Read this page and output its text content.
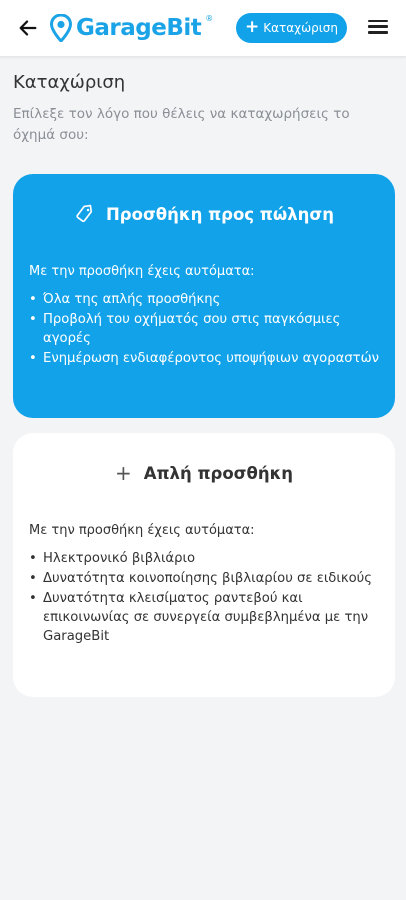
GarageBit ® + Καταχώριση
Καταχώριση
Επίλεξε τον λόγο που θέλεις να καταχωρήσεις το όχημά σου:
Προσθήκη προς πώληση
Με την προσθήκη έχεις αυτόματα:
• Όλα της απλής προσθήκης
• Προβολή του οχήματός σου στις παγκόσμιες αγορές
• Ενημέρωση ενδιαφέροντος υποψήφιων αγοραστών
+ Απλή προσθήκη
Με την προσθήκη έχεις αυτόματα:
• Ηλεκτρονικό βιβλιάριο
• Δυνατότητα κοινοποίησης βιβλιαρίου σε ειδικούς
• Δυνατότητα κλεισίματος ραντεβού και επικοινωνίας σε συνεργεία συμβεβλημένα με την GarageBit
